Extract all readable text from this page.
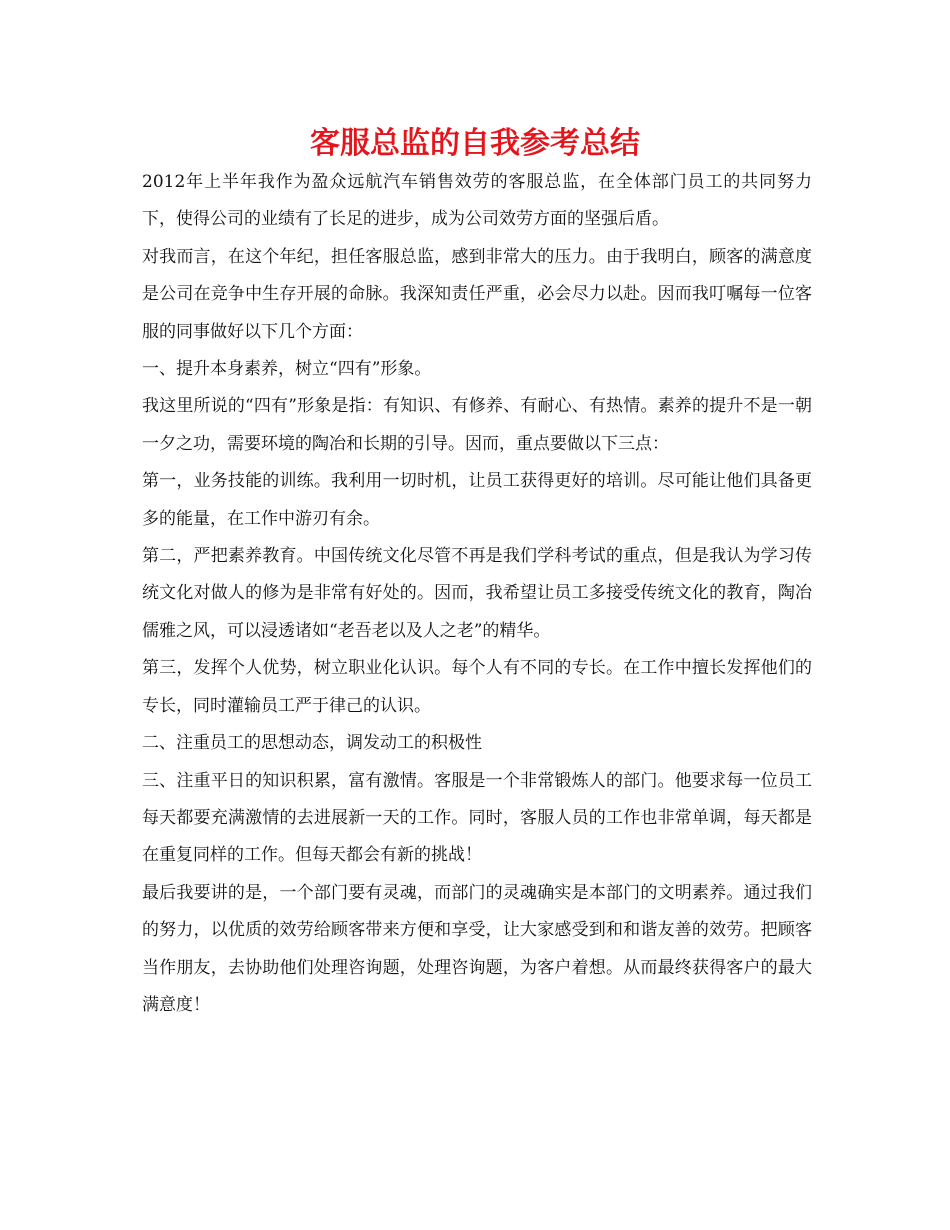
客服总监的自我参考总结

2012年上半年我作为盈众远航汽车销售效劳的客服总监，在全体部门员工的共同努力下，使得公司的业绩有了长足的进步，成为公司效劳方面的坚强后盾。

对我而言，在这个年纪，担任客服总监，感到非常大的压力。由于我明白，顾客的满意度是公司在竞争中生存开展的命脉。我深知责任严重，必会尽力以赴。因而我叮嘱每一位客服的同事做好以下几个方面：

一、提升本身素养，树立“四有”形象。

我这里所说的“四有”形象是指：有知识、有修养、有耐心、有热情。素养的提升不是一朝一夕之功，需要环境的陶冶和长期的引导。因而，重点要做以下三点：

第一，业务技能的训练。我利用一切时机，让员工获得更好的培训。尽可能让他们具备更多的能量，在工作中游刃有余。

第二，严把素养教育。中国传统文化尽管不再是我们学科考试的重点，但是我认为学习传统文化对做人的修为是非常有好处的。因而，我希望让员工多接受传统文化的教育，陶冶儒雅之风，可以浸透诸如“老吾老以及人之老”的精华。

第三，发挥个人优势，树立职业化认识。每个人有不同的专长。在工作中擅长发挥他们的专长，同时灌输员工严于律己的认识。

二、注重员工的思想动态，调发动工的积极性

三、注重平日的知识积累，富有激情。客服是一个非常锻炼人的部门。他要求每一位员工每天都要充满激情的去进展新一天的工作。同时，客服人员的工作也非常单调，每天都是在重复同样的工作。但每天都会有新的挑战！

最后我要讲的是，一个部门要有灵魂，而部门的灵魂确实是本部门的文明素养。通过我们的努力，以优质的效劳给顾客带来方便和享受，让大家感受到和和谐友善的效劳。把顾客当作朋友，去协助他们处理咨询题，处理咨询题，为客户着想。从而最终获得客户的最大满意度！
